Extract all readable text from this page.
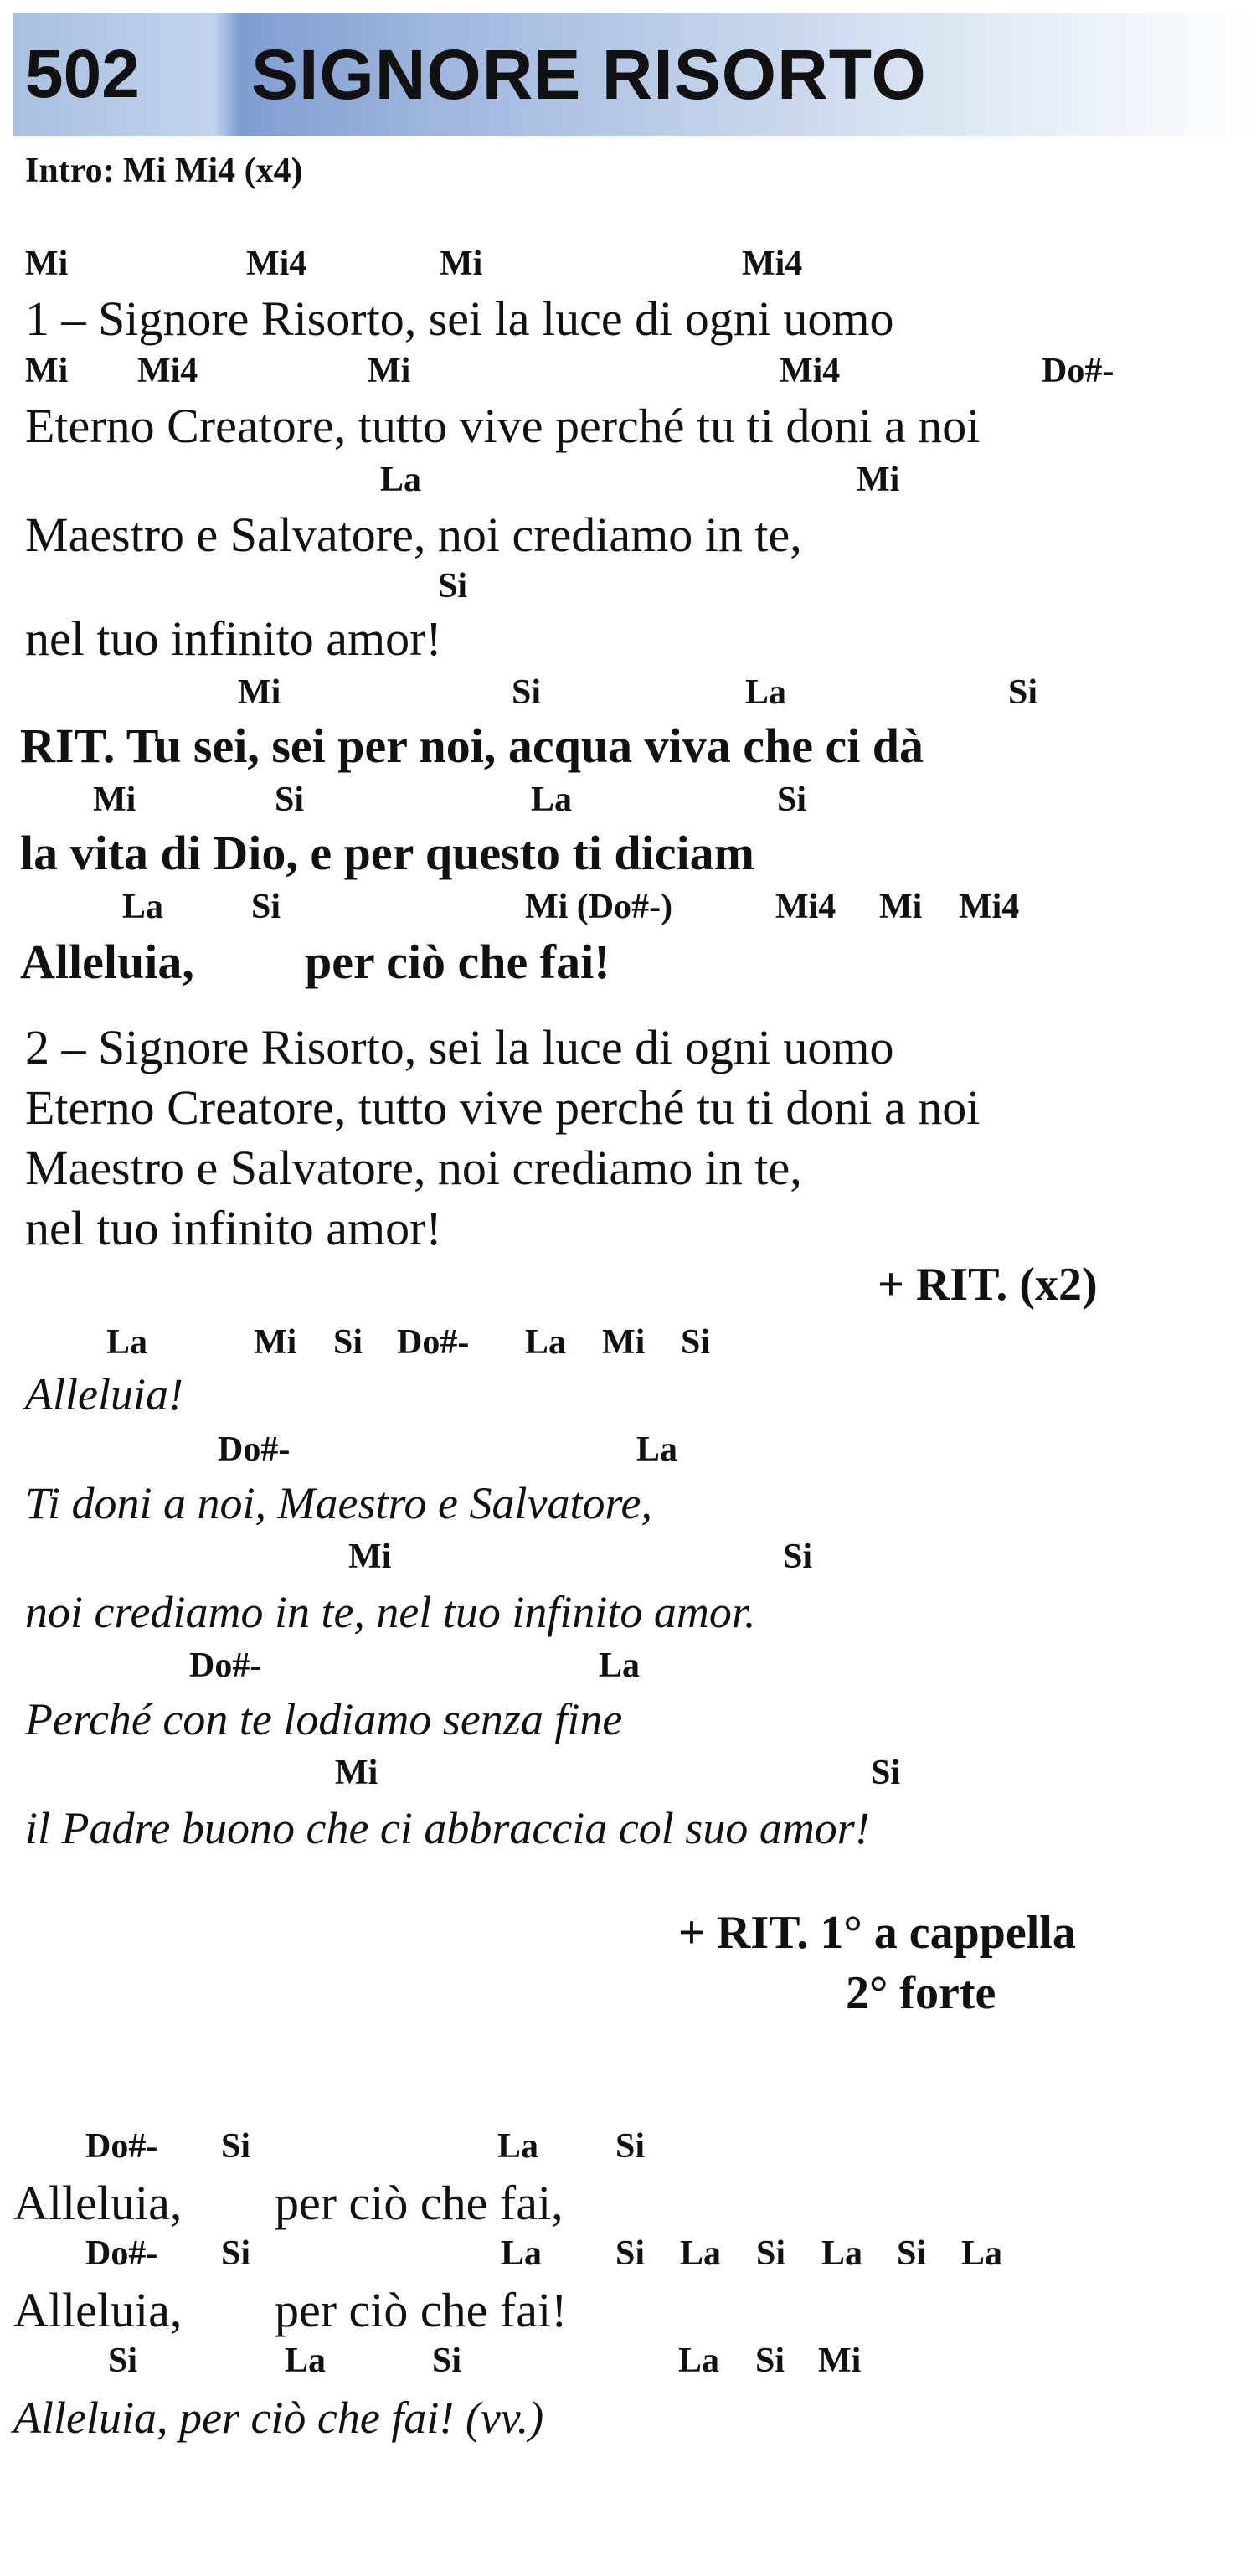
502 SIGNORE RISORTO
Intro: Mi Mi4 (x4)
Mi	Mi4	Mi	Mi4
1 – Signore Risorto, sei la luce di ogni uomo
Mi Mi4	Mi	Mi4	Do#-
Eterno Creatore, tutto vive perché tu ti doni a noi
La	Mi
Maestro e Salvatore, noi crediamo in te,
Si
nel tuo infinito amor!
Mi	Si	La	Si
RIT. Tu sei, sei per noi, acqua viva che ci dà
Mi	Si	La	Si
la vita di Dio, e per questo ti diciam
La Si	Mi (Do#-)	Mi4 Mi Mi4
Alleluia, per ciò che fai!
2 – Signore Risorto, sei la luce di ogni uomo
Eterno Creatore, tutto vive perché tu ti doni a noi
Maestro e Salvatore, noi crediamo in te,
nel tuo infinito amor!
+ RIT. (x2)
La	Mi Si Do#- La Mi Si
Alleluia!
Do#-	La
Ti doni a noi, Maestro e Salvatore,
Mi	Si
noi crediamo in te, nel tuo infinito amor.
Do#-	La
Perché con te lodiamo senza fine
Mi	Si
il Padre buono che ci abbraccia col suo amor!
+ RIT. 1° a cappella
2° forte
Do#- Si	La Si
Alleluia, per ciò che fai,
Do#- Si	La Si La Si La Si La
Alleluia, per ciò che fai!
Si	La	Si	La Si Mi
Alleluia, per ciò che fai! (vv.)
